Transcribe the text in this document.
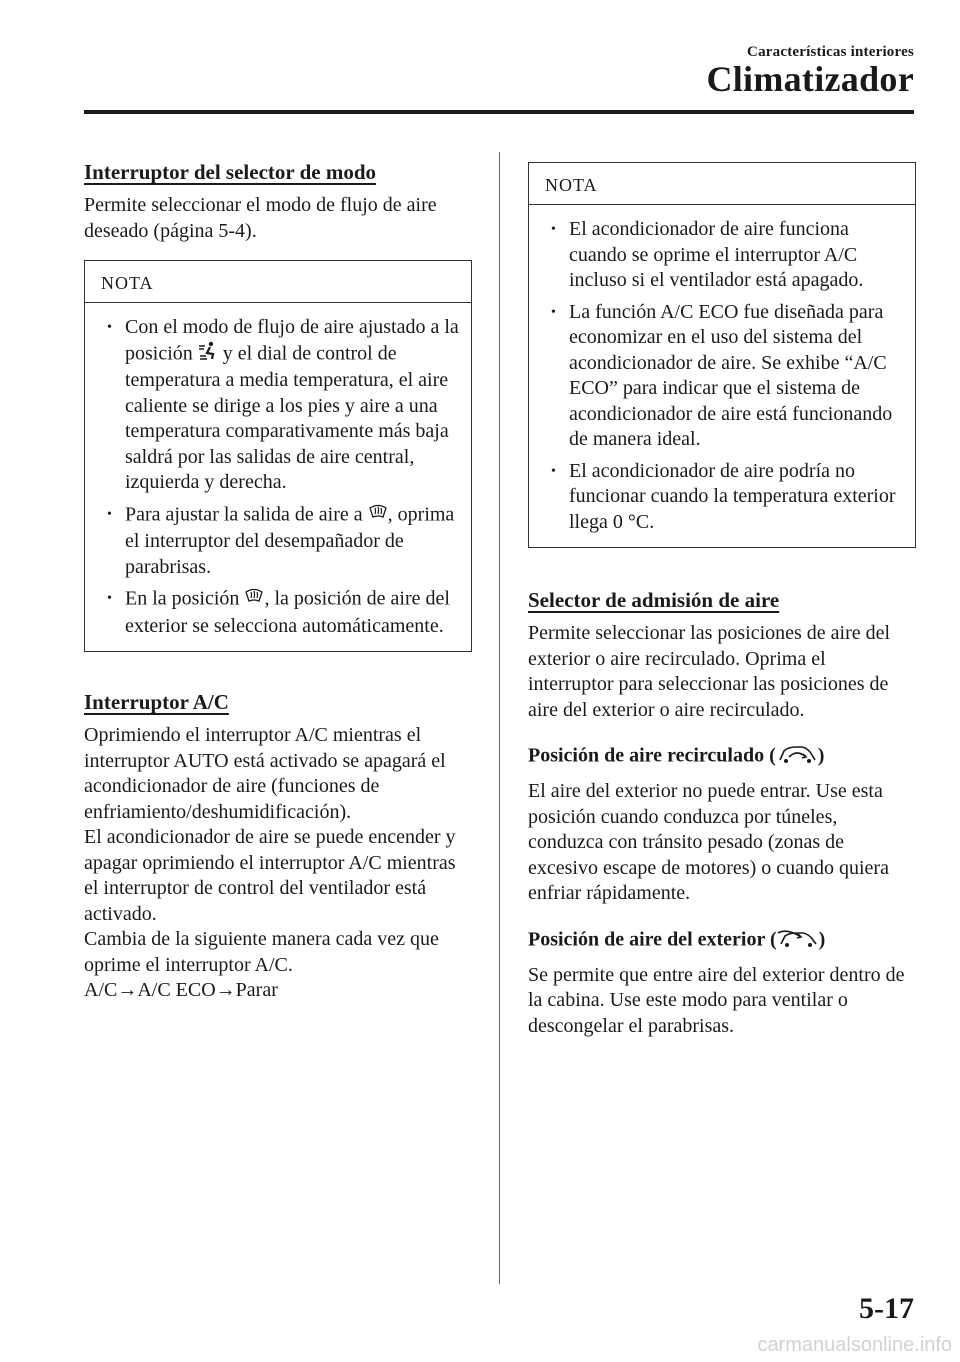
Características interiores
Climatizador
Interruptor del selector de modo

Permite seleccionar el modo de flujo de aire deseado (página 5-4).

NOTA
• Con el modo de flujo de aire ajustado a la posición y el dial de control de temperatura a media temperatura, el aire caliente se dirige a los pies y aire a una temperatura comparativamente más baja saldrá por las salidas de aire central, izquierda y derecha.
• Para ajustar la salida de aire a , oprima el interruptor del desempañador de parabrisas.
• En la posición , la posición de aire del exterior se selecciona automáticamente.
Interruptor A/C

Oprimiendo el interruptor A/C mientras el interruptor AUTO está activado se apagará el acondicionador de aire (funciones de enfriamiento/deshumidificación).

El acondicionador de aire se puede encender y apagar oprimiendo el interruptor A/C mientras el interruptor de control del ventilador está activado.

Cambia de la siguiente manera cada vez que oprime el interruptor A/C.

A/C→A/C ECO→Parar

NOTA
• El acondicionador de aire funciona cuando se oprime el interruptor A/C incluso si el ventilador está apagado.
• La función A/C ECO fue diseñada para economizar en el uso del sistema del acondicionador de aire. Se exhibe “A/C ECO” para indicar que el sistema de acondicionador de aire está funcionando de manera ideal.
• El acondicionador de aire podría no funcionar cuando la temperatura exterior llega 0 °C.
Selector de admisión de aire

Permite seleccionar las posiciones de aire del exterior o aire recirculado. Oprima el interruptor para seleccionar las posiciones de aire del exterior o aire recirculado.

Posición de aire recirculado ( )

El aire del exterior no puede entrar. Use esta posición cuando conduzca por túneles, conduzca con tránsito pesado (zonas de excesivo escape de motores) o cuando quiera enfriar rápidamente.

Posición de aire del exterior ( )

Se permite que entre aire del exterior dentro de la cabina. Use este modo para ventilar o descongelar el parabrisas.

5-17
carmanualsonline.info
